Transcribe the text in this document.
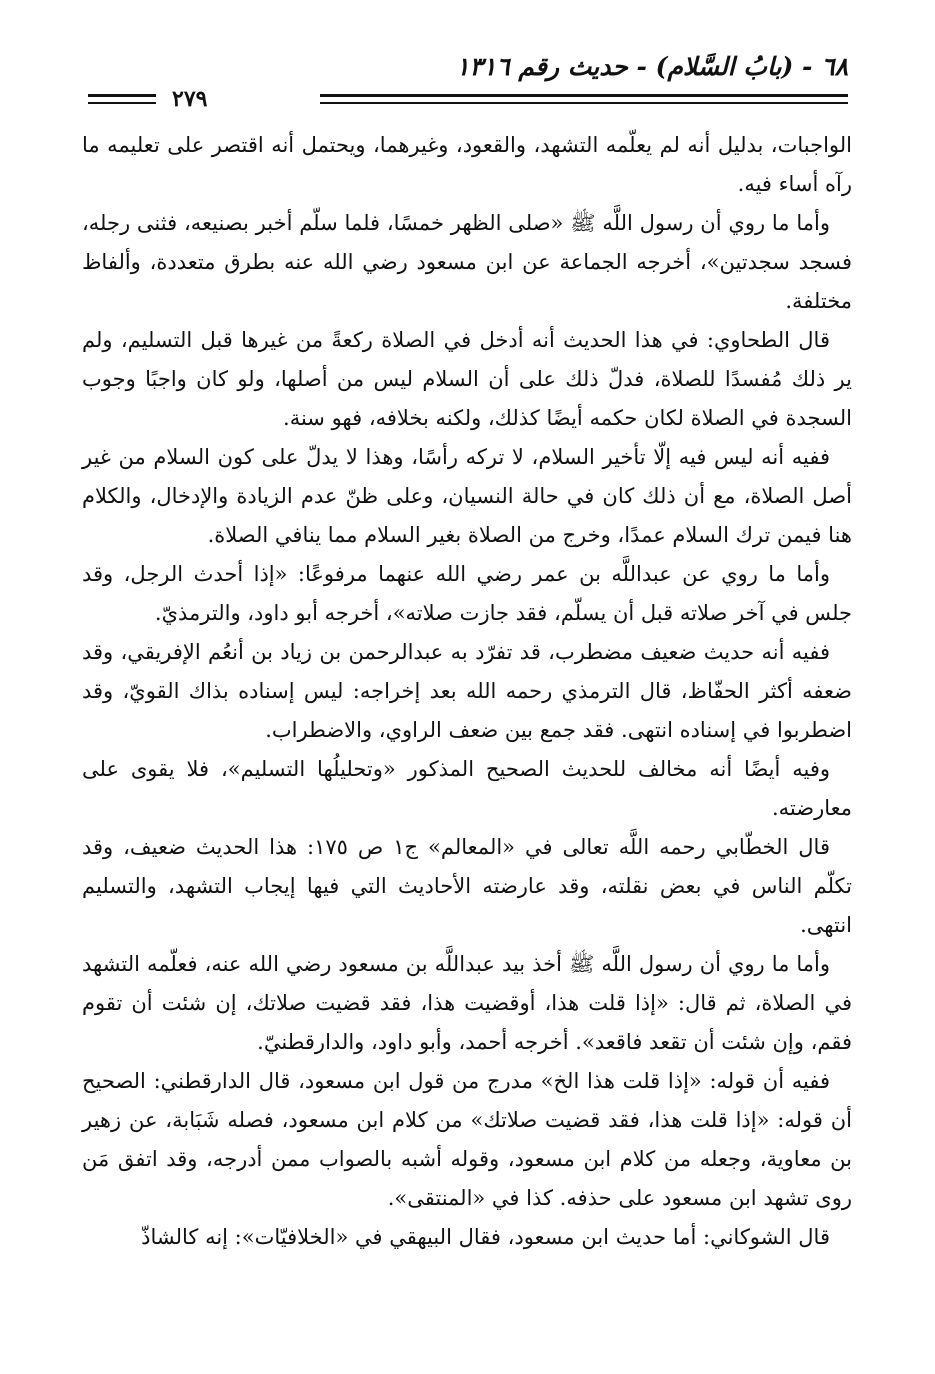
٦٨ - (بابُ السَّلام) - حديث رقم ١٣١٦
٢٧٩

الواجبات، بدليل أنه لم يعلّمه التشهد، والقعود، وغيرهما، ويحتمل أنه اقتصر على تعليمه ما رآه أساء فيه.

وأما ما روي أن رسول اللَّه ﷺ «صلى الظهر خمسًا، فلما سلّم أخبر بصنيعه، فثنى رجله، فسجد سجدتين»، أخرجه الجماعة عن ابن مسعود رضي الله عنه بطرق متعددة، وألفاظ مختلفة.

قال الطحاوي: في هذا الحديث أنه أدخل في الصلاة ركعةً من غيرها قبل التسليم، ولم ير ذلك مُفسدًا للصلاة، فدلّ ذلك على أن السلام ليس من أصلها، ولو كان واجبًا وجوب السجدة في الصلاة لكان حكمه أيضًا كذلك، ولكنه بخلافه، فهو سنة.

ففيه أنه ليس فيه إلّا تأخير السلام، لا تركه رأسًا، وهذا لا يدلّ على كون السلام من غير أصل الصلاة، مع أن ذلك كان في حالة النسيان، وعلى ظنّ عدم الزيادة والإدخال، والكلام هنا فيمن ترك السلام عمدًا، وخرج من الصلاة بغير السلام مما ينافي الصلاة.

وأما ما روي عن عبداللَّه بن عمر رضي الله عنهما مرفوعًا: «إذا أحدث الرجل، وقد جلس في آخر صلاته قبل أن يسلّم، فقد جازت صلاته»، أخرجه أبو داود، والترمذيّ.

ففيه أنه حديث ضعيف مضطرب، قد تفرّد به عبدالرحمن بن زياد بن أنعُم الإفريقي، وقد ضعفه أكثر الحفّاظ، قال الترمذي رحمه الله بعد إخراجه: ليس إسناده بذاك القويّ، وقد اضطربوا في إسناده انتهى. فقد جمع بين ضعف الراوي، والاضطراب.

وفيه أيضًا أنه مخالف للحديث الصحيح المذكور «وتحليلُها التسليم»، فلا يقوى على معارضته.

قال الخطّابي رحمه اللَّه تعالى في «المعالم» ج١ ص ١٧٥: هذا الحديث ضعيف، وقد تكلّم الناس في بعض نقلته، وقد عارضته الأحاديث التي فيها إيجاب التشهد، والتسليم انتهى.

وأما ما روي أن رسول اللَّه ﷺ أخذ بيد عبداللَّه بن مسعود رضي الله عنه، فعلّمه التشهد في الصلاة، ثم قال: «إذا قلت هذا، أوقضيت هذا، فقد قضيت صلاتك، إن شئت أن تقوم فقم، وإن شئت أن تقعد فاقعد». أخرجه أحمد، وأبو داود، والدارقطنيّ.

ففيه أن قوله: «إذا قلت هذا الخ» مدرج من قول ابن مسعود، قال الدارقطني: الصحيح أن قوله: «إذا قلت هذا، فقد قضيت صلاتك» من كلام ابن مسعود، فصله شَبَابة، عن زهير بن معاوية، وجعله من كلام ابن مسعود، وقوله أشبه بالصواب ممن أدرجه، وقد اتفق مَن روى تشهد ابن مسعود على حذفه. كذا في «المنتقى».

قال الشوكاني: أما حديث ابن مسعود، فقال البيهقي في «الخلافيّات»: إنه كالشاذّ
